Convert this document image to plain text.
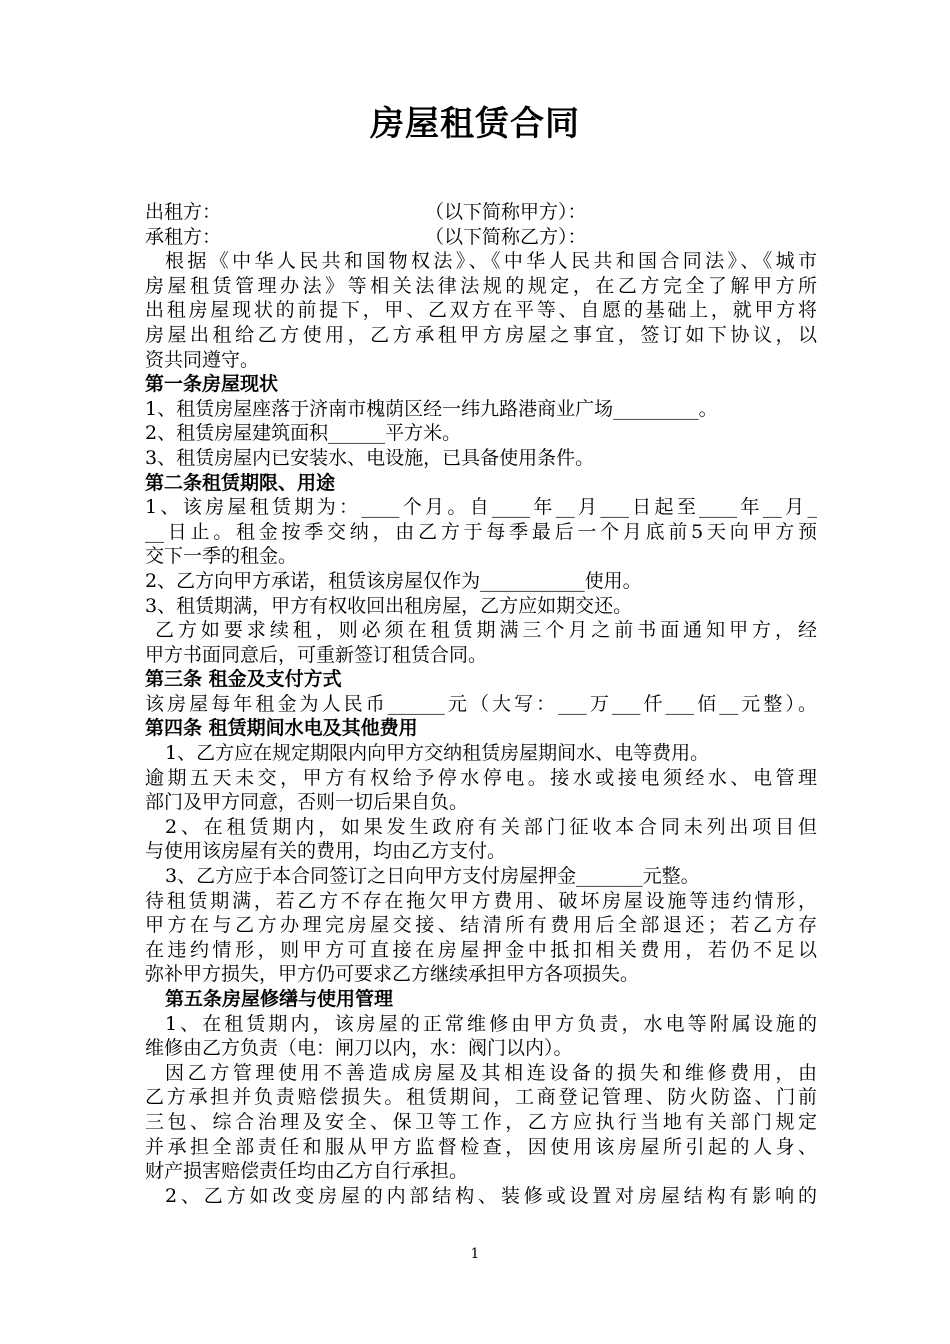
房屋租赁合同
出租方：	（以下简称甲方）：
承租方：	（以下简称乙方）：
根据《中华人民共和国物权法》、《中华人民共和国合同法》、《城市
房屋租赁管理办法》等相关法律法规的规定，在乙方完全了解甲方所
出租房屋现状的前提下，甲、乙双方在平等、自愿的基础上，就甲方将
房屋出租给乙方使用，乙方承租甲方房屋之事宜，签订如下协议，以
资共同遵守。
第一条房屋现状
1、租赁房屋座落于济南市槐荫区经一纬九路港商业广场_________。
2、租赁房屋建筑面积______平方米。
3、租赁房屋内已安装水、电设施，已具备使用条件。
第二条租赁期限、用途
1、该房屋租赁期为：____个月。自____年__月___日起至____年__月_
__日止。租金按季交纳，由乙方于每季最后一个月底前5天向甲方预
交下一季的租金。
2、乙方向甲方承诺，租赁该房屋仅作为___________使用。
3、租赁期满，甲方有权收回出租房屋，乙方应如期交还。
乙方如要求续租，则必须在租赁期满三个月之前书面通知甲方，经
甲方书面同意后，可重新签订租赁合同。
第三条 租金及支付方式
该房屋每年租金为人民币______元（大写：___万___仟___佰__元整）。
第四条 租赁期间水电及其他费用
1、乙方应在规定期限内向甲方交纳租赁房屋期间水、电等费用。
逾期五天未交，甲方有权给予停水停电。接水或接电须经水、电管理
部门及甲方同意，否则一切后果自负。
2、在租赁期内，如果发生政府有关部门征收本合同未列出项目但
与使用该房屋有关的费用，均由乙方支付。
3、乙方应于本合同签订之日向甲方支付房屋押金_______元整。
待租赁期满，若乙方不存在拖欠甲方费用、破坏房屋设施等违约情形，
甲方在与乙方办理完房屋交接、结清所有费用后全部退还；若乙方存
在违约情形，则甲方可直接在房屋押金中抵扣相关费用，若仍不足以
弥补甲方损失，甲方仍可要求乙方继续承担甲方各项损失。
第五条房屋修缮与使用管理
1、在租赁期内，该房屋的正常维修由甲方负责，水电等附属设施的
维修由乙方负责（电：闸刀以内，水：阀门以内）。
因乙方管理使用不善造成房屋及其相连设备的损失和维修费用，由
乙方承担并负责赔偿损失。租赁期间，工商登记管理、防火防盗、门前
三包、综合治理及安全、保卫等工作，乙方应执行当地有关部门规定
并承担全部责任和服从甲方监督检查，因使用该房屋所引起的人身、
财产损害赔偿责任均由乙方自行承担。
2、乙方如改变房屋的内部结构、装修或设置对房屋结构有影响的
1
